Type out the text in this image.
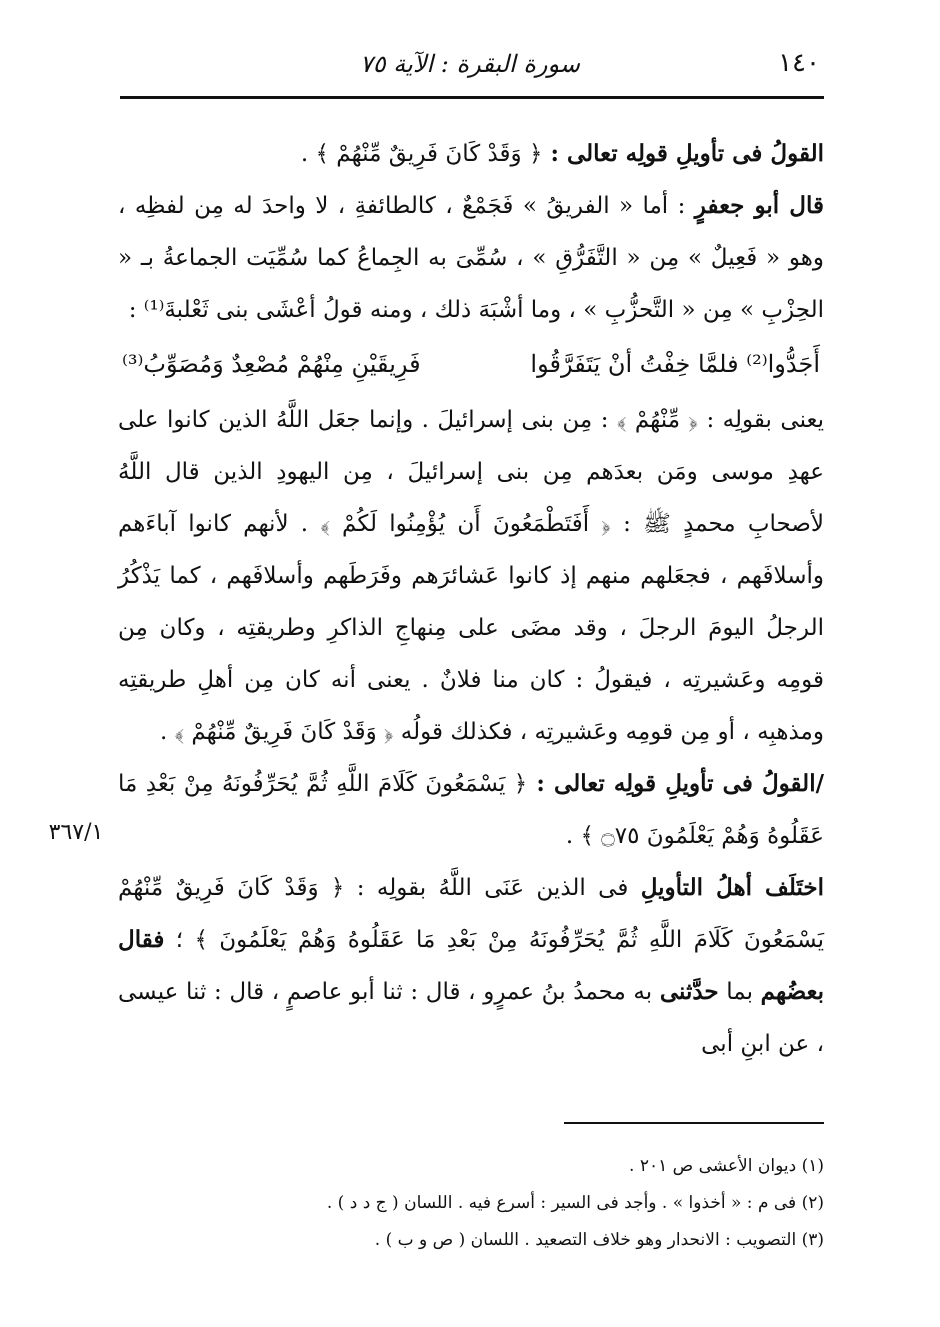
١٤٠
سورة البقرة : الآية ٧٥
٣٦٧/١

القولُ فى تأويلِ قولِه تعالى : ﴿ وَقَدْ كَانَ فَرِيقٌ مِّنْهُمْ ﴾ .

قال أبو جعفرٍ : أما « الفريقُ » فَجَمْعٌ ، كالطائفةِ ، لا واحدَ له مِن لفظِه ، وهو « فَعِيلٌ » مِن « التَّفَرُّقِ » ، سُمِّىَ به الجِماعُ كما سُمِّيَت الجماعةُ بـ « الحِزْبِ » مِن « التَّحزُّبِ » ، وما أشْبَهَ ذلك ، ومنه قولُ أعْشَى بنى ثَعْلبةَ⁽¹⁾ :

أَجَدُّوا⁽²⁾ فلمَّا خِفْتُ أنْ يَتَفَرَّقُوا
فَرِيقَيْنِ مِنْهُمْ مُصْعِدٌ وَمُصَوِّبُ⁽³⁾

يعنى بقولِه : ﴿ مِّنْهُمْ ﴾ : مِن بنى إسرائيلَ . وإنما جعَل اللَّهُ الذين كانوا على عهدِ موسى ومَن بعدَهم مِن بنى إسرائيلَ ، مِن اليهودِ الذين قال اللَّهُ لأصحابِ محمدٍ ﷺ : ﴿ أَفَتَطْمَعُونَ أَن يُؤْمِنُوا لَكُمْ ﴾ . لأنهم كانوا آباءَهم وأسلافَهم ، فجعَلهم منهم إذ كانوا عَشائرَهم وفَرَطَهم وأسلافَهم ، كما يَذْكُرُ الرجلُ اليومَ الرجلَ ، وقد مضَى على مِنهاجِ الذاكرِ وطريقتِه ، وكان مِن قومِه وعَشيرتِه ، فيقولُ : كان منا فلانٌ . يعنى أنه كان مِن أهلِ طريقتِه ومذهبِه ، أو مِن قومِه وعَشيرتِه ، فكذلك قولُه ﴿ وَقَدْ كَانَ فَرِيقٌ مِّنْهُمْ ﴾ .

/القولُ فى تأويلِ قولِه تعالى : ﴿ يَسْمَعُونَ كَلَامَ اللَّهِ ثُمَّ يُحَرِّفُونَهُ مِنْ بَعْدِ مَا عَقَلُوهُ وَهُمْ يَعْلَمُونَ ۝٧٥ ﴾ .

اختَلَف أهلُ التأويلِ فى الذين عَنَى اللَّهُ بقولِه : ﴿ وَقَدْ كَانَ فَرِيقٌ مِّنْهُمْ يَسْمَعُونَ كَلَامَ اللَّهِ ثُمَّ يُحَرِّفُونَهُ مِنْ بَعْدِ مَا عَقَلُوهُ وَهُمْ يَعْلَمُونَ ﴾ ؛ فقال بعضُهم بما حدَّثنى به محمدُ بنُ عمرٍو ، قال : ثنا أبو عاصمٍ ، قال : ثنا عيسى ، عن ابنِ أبى

(١) ديوان الأعشى ص ٢٠١ .

(٢) فى م : « أخذوا » . وأجد فى السير : أسرع فيه . اللسان ( ج د د ) .

(٣) التصويب : الانحدار وهو خلاف التصعيد . اللسان ( ص و ب ) .
